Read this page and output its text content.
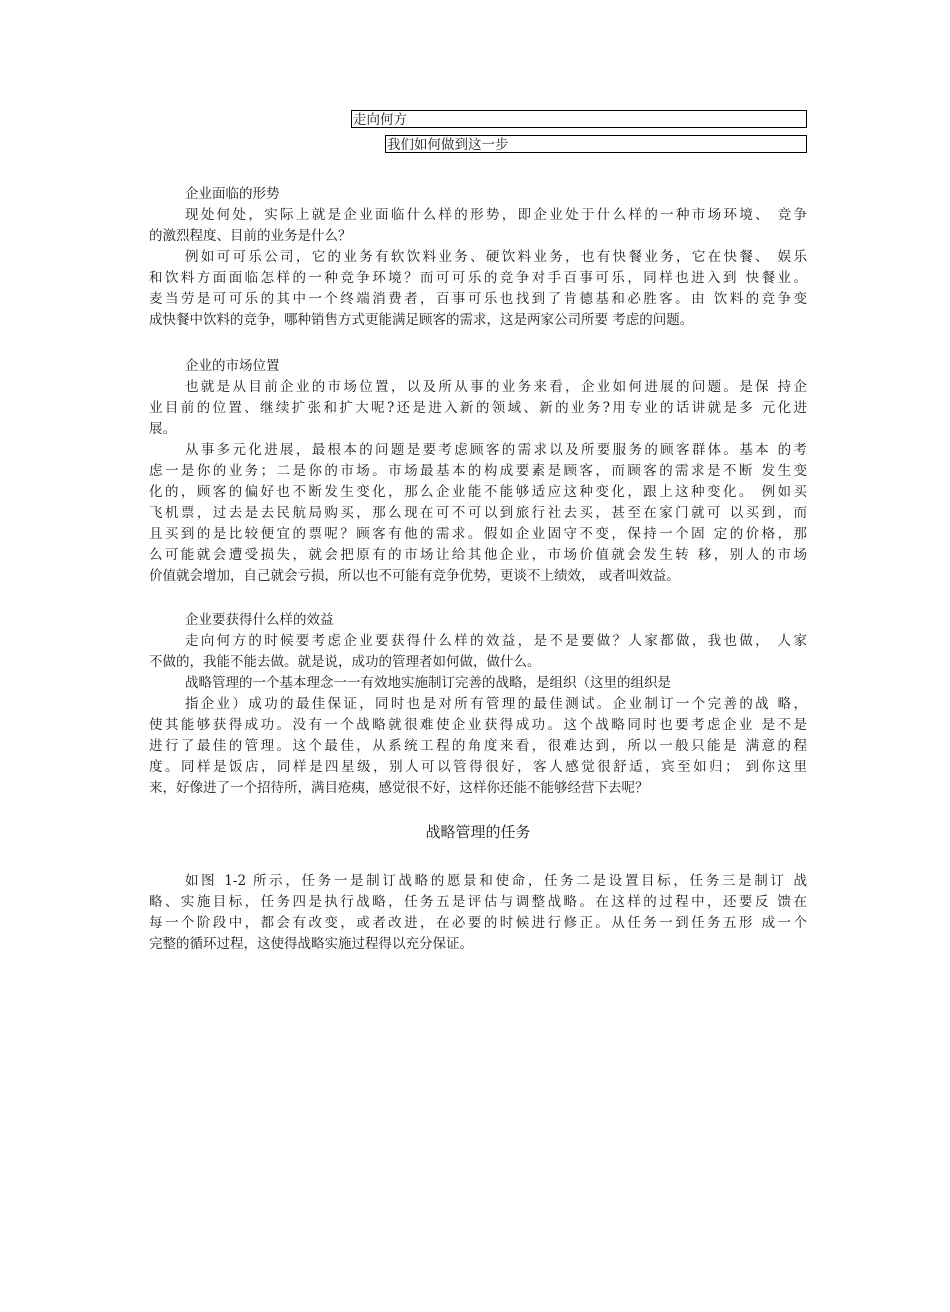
走向何方
我们如何做到这一步
企业面临的形势
现处何处，实际上就是企业面临什么样的形势，即企业处于什么样的一种市场环境、 竞争
的激烈程度、目前的业务是什么？
例如可可乐公司，它的业务有软饮料业务、硬饮料业务，也有快餐业务，它在快餐、 娱乐
和饮料方面面临怎样的一种竞争环境？而可可乐的竞争对手百事可乐，同样也进入到 快餐业。
麦当劳是可可乐的其中一个终端消费者，百事可乐也找到了肯德基和必胜客。由 饮料的竞争变
成快餐中饮料的竞争，哪种销售方式更能满足顾客的需求，这是两家公司所要 考虑的问题。
企业的市场位置
也就是从目前企业的市场位置，以及所从事的业务来看，企业如何进展的问题。是保 持企
业目前的位置、继续扩张和扩大呢?还是进入新的领域、新的业务?用专业的话讲就是多 元化进
展。
从事多元化进展，最根本的问题是要考虑顾客的需求以及所要服务的顾客群体。基本 的考
虑一是你的业务；二是你的市场。市场最基本的构成要素是顾客，而顾客的需求是不断 发生变
化的，顾客的偏好也不断发生变化，那么企业能不能够适应这种变化，跟上这种变化。 例如买
飞机票，过去是去民航局购买，那么现在可不可以到旅行社去买，甚至在家门就可 以买到，而
且买到的是比较便宜的票呢？顾客有他的需求。假如企业固守不变，保持一个固 定的价格，那
么可能就会遭受损失，就会把原有的市场让给其他企业，市场价值就会发生转 移，别人的市场
价值就会增加，自己就会亏损，所以也不可能有竞争优势，更谈不上绩效， 或者叫效益。
企业要获得什么样的效益
走向何方的时候要考虑企业要获得什么样的效益，是不是要做？人家都做，我也做， 人家
不做的，我能不能去做。就是说，成功的管理者如何做，做什么。
战略管理的一个基本理念一一有效地实施制订完善的战略，是组织（这里的组织是
指企业）成功的最佳保证，同时也是对所有管理的最佳测试。企业制订一个完善的战 略，
使其能够获得成功。没有一个战略就很难使企业获得成功。这个战略同时也要考虑企业 是不是
进行了最佳的管理。这个最佳，从系统工程的角度来看，很难达到，所以一般只能是 满意的程
度。同样是饭店，同样是四星级，别人可以管得很好，客人感觉很舒适，宾至如归； 到你这里
来，好像进了一个招待所，满目疮痍，感觉很不好，这样你还能不能够经营下去呢？
战略管理的任务
如图 1-2 所示，任务一是制订战略的愿景和使命，任务二是设置目标，任务三是制订 战
略、实施目标，任务四是执行战略，任务五是评估与调整战略。在这样的过程中，还要反 馈在
每一个阶段中，都会有改变，或者改进，在必要的时候进行修正。从任务一到任务五形 成一个
完整的循环过程，这使得战略实施过程得以充分保证。
